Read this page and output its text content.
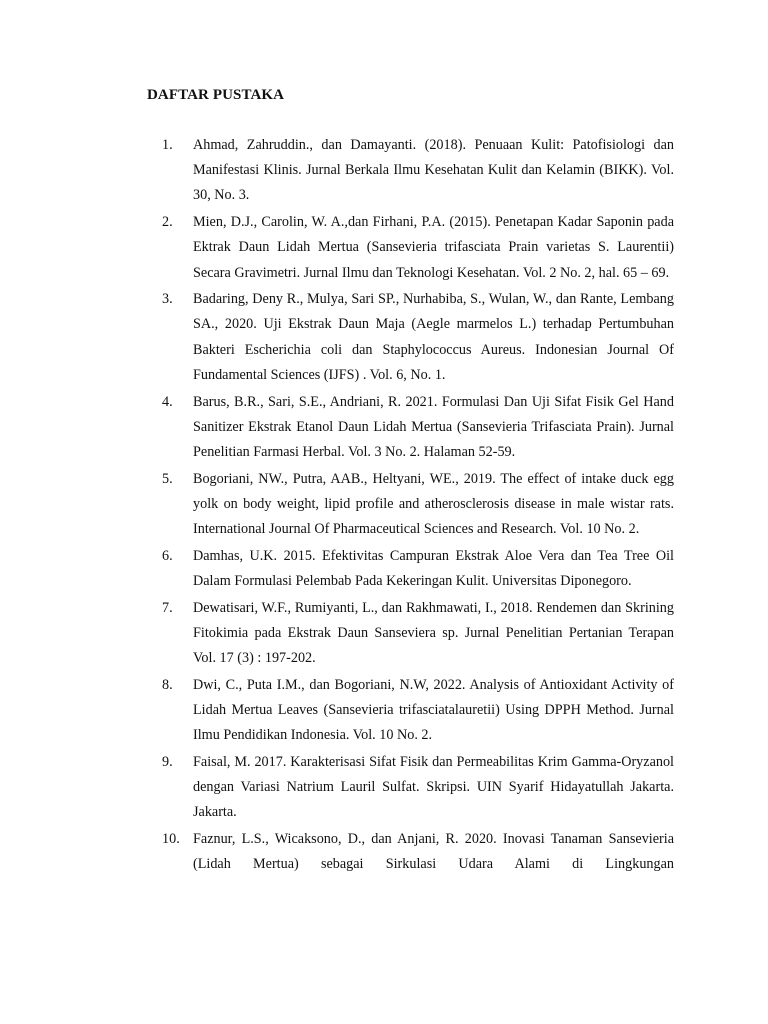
DAFTAR PUSTAKA
1.	Ahmad, Zahruddin., dan Damayanti. (2018). Penuaan Kulit: Patofisiologi dan Manifestasi Klinis. Jurnal Berkala Ilmu Kesehatan Kulit dan Kelamin (BIKK). Vol. 30, No. 3.
2.	Mien, D.J., Carolin, W. A.,dan Firhani, P.A. (2015). Penetapan Kadar Saponin pada Ektrak Daun Lidah Mertua (Sansevieria trifasciata Prain varietas S. Laurentii) Secara Gravimetri. Jurnal Ilmu dan Teknologi Kesehatan. Vol. 2 No. 2, hal. 65 – 69.
3.	Badaring, Deny R., Mulya, Sari SP., Nurhabiba, S., Wulan, W., dan Rante, Lembang SA., 2020. Uji Ekstrak Daun Maja (Aegle marmelos L.) terhadap Pertumbuhan Bakteri Escherichia coli dan Staphylococcus Aureus. Indonesian Journal Of Fundamental Sciences (IJFS) . Vol. 6, No. 1.
4.	Barus, B.R., Sari, S.E., Andriani, R. 2021. Formulasi Dan Uji Sifat Fisik Gel Hand Sanitizer Ekstrak Etanol Daun Lidah Mertua (Sansevieria Trifasciata Prain). Jurnal Penelitian Farmasi Herbal. Vol. 3 No. 2. Halaman 52-59.
5.	Bogoriani, NW., Putra, AAB., Heltyani, WE., 2019. The effect of intake duck egg yolk on body weight, lipid profile and atherosclerosis disease in male wistar rats. International Journal Of Pharmaceutical Sciences and Research. Vol. 10 No. 2.
6.	Damhas, U.K. 2015. Efektivitas Campuran Ekstrak Aloe Vera dan Tea Tree Oil Dalam Formulasi Pelembab Pada Kekeringan Kulit. Universitas Diponegoro.
7.	Dewatisari, W.F., Rumiyanti, L., dan Rakhmawati, I., 2018. Rendemen dan Skrining Fitokimia pada Ekstrak Daun Sanseviera sp. Jurnal Penelitian Pertanian Terapan Vol. 17 (3) : 197-202.
8.	Dwi, C., Puta I.M., dan Bogoriani, N.W, 2022. Analysis of Antioxidant Activity of Lidah Mertua Leaves (Sansevieria trifasciatalauretii) Using DPPH Method. Jurnal Ilmu Pendidikan Indonesia. Vol. 10 No. 2.
9.	Faisal, M. 2017. Karakterisasi Sifat Fisik dan Permeabilitas Krim Gamma-Oryzanol dengan Variasi Natrium Lauril Sulfat. Skripsi. UIN Syarif Hidayatullah Jakarta. Jakarta.
10. Faznur, L.S., Wicaksono, D., dan Anjani, R. 2020. Inovasi Tanaman Sansevieria (Lidah Mertua) sebagai Sirkulasi Udara Alami di Lingkungan
